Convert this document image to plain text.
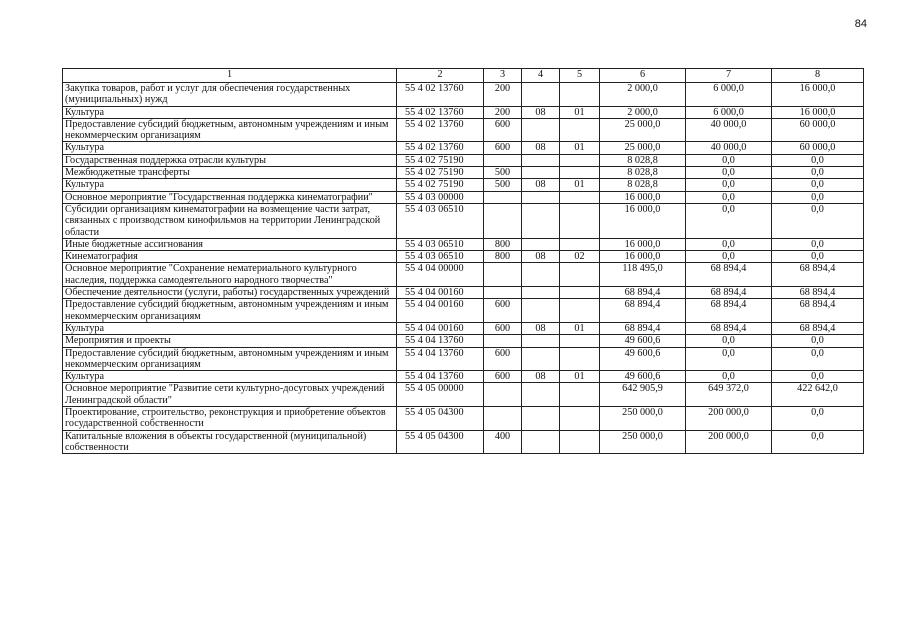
84
1	2	3	4	5	6	7	8
Закупка товаров, работ и услуг для обеспечения государственных (муниципальных) нужд	55 4 02 13760	200			2 000,0	6 000,0	16 000,0
Культура	55 4 02 13760	200	08	01	2 000,0	6 000,0	16 000,0
Предоставление субсидий бюджетным, автономным учреждениям и иным некоммерческим организациям	55 4 02 13760	600			25 000,0	40 000,0	60 000,0
Культура	55 4 02 13760	600	08	01	25 000,0	40 000,0	60 000,0
Государственная поддержка отрасли культуры	55 4 02 75190				8 028,8	0,0	0,0
Межбюджетные трансферты	55 4 02 75190	500			8 028,8	0,0	0,0
Культура	55 4 02 75190	500	08	01	8 028,8	0,0	0,0
Основное мероприятие "Государственная поддержка кинематографии"	55 4 03 00000				16 000,0	0,0	0,0
Субсидии организациям кинематографии на возмещение части затрат, связанных с производством кинофильмов на территории Ленинградской области	55 4 03 06510				16 000,0	0,0	0,0
Иные бюджетные ассигнования	55 4 03 06510	800			16 000,0	0,0	0,0
Кинематография	55 4 03 06510	800	08	02	16 000,0	0,0	0,0
Основное мероприятие "Сохранение нематериального культурного наследия, поддержка самодеятельного народного творчества"	55 4 04 00000				118 495,0	68 894,4	68 894,4
Обеспечение деятельности (услуги, работы) государственных учреждений	55 4 04 00160				68 894,4	68 894,4	68 894,4
Предоставление субсидий бюджетным, автономным учреждениям и иным некоммерческим организациям	55 4 04 00160	600			68 894,4	68 894,4	68 894,4
Культура	55 4 04 00160	600	08	01	68 894,4	68 894,4	68 894,4
Мероприятия и проекты	55 4 04 13760				49 600,6	0,0	0,0
Предоставление субсидий бюджетным, автономным учреждениям и иным некоммерческим организациям	55 4 04 13760	600			49 600,6	0,0	0,0
Культура	55 4 04 13760	600	08	01	49 600,6	0,0	0,0
Основное мероприятие "Развитие сети культурно-досуговых учреждений Ленинградской области"	55 4 05 00000				642 905,9	649 372,0	422 642,0
Проектирование, строительство, реконструкция и приобретение объектов государственной собственности	55 4 05 04300				250 000,0	200 000,0	0,0
Капитальные вложения в объекты государственной (муниципальной) собственности	55 4 05 04300	400			250 000,0	200 000,0	0,0
